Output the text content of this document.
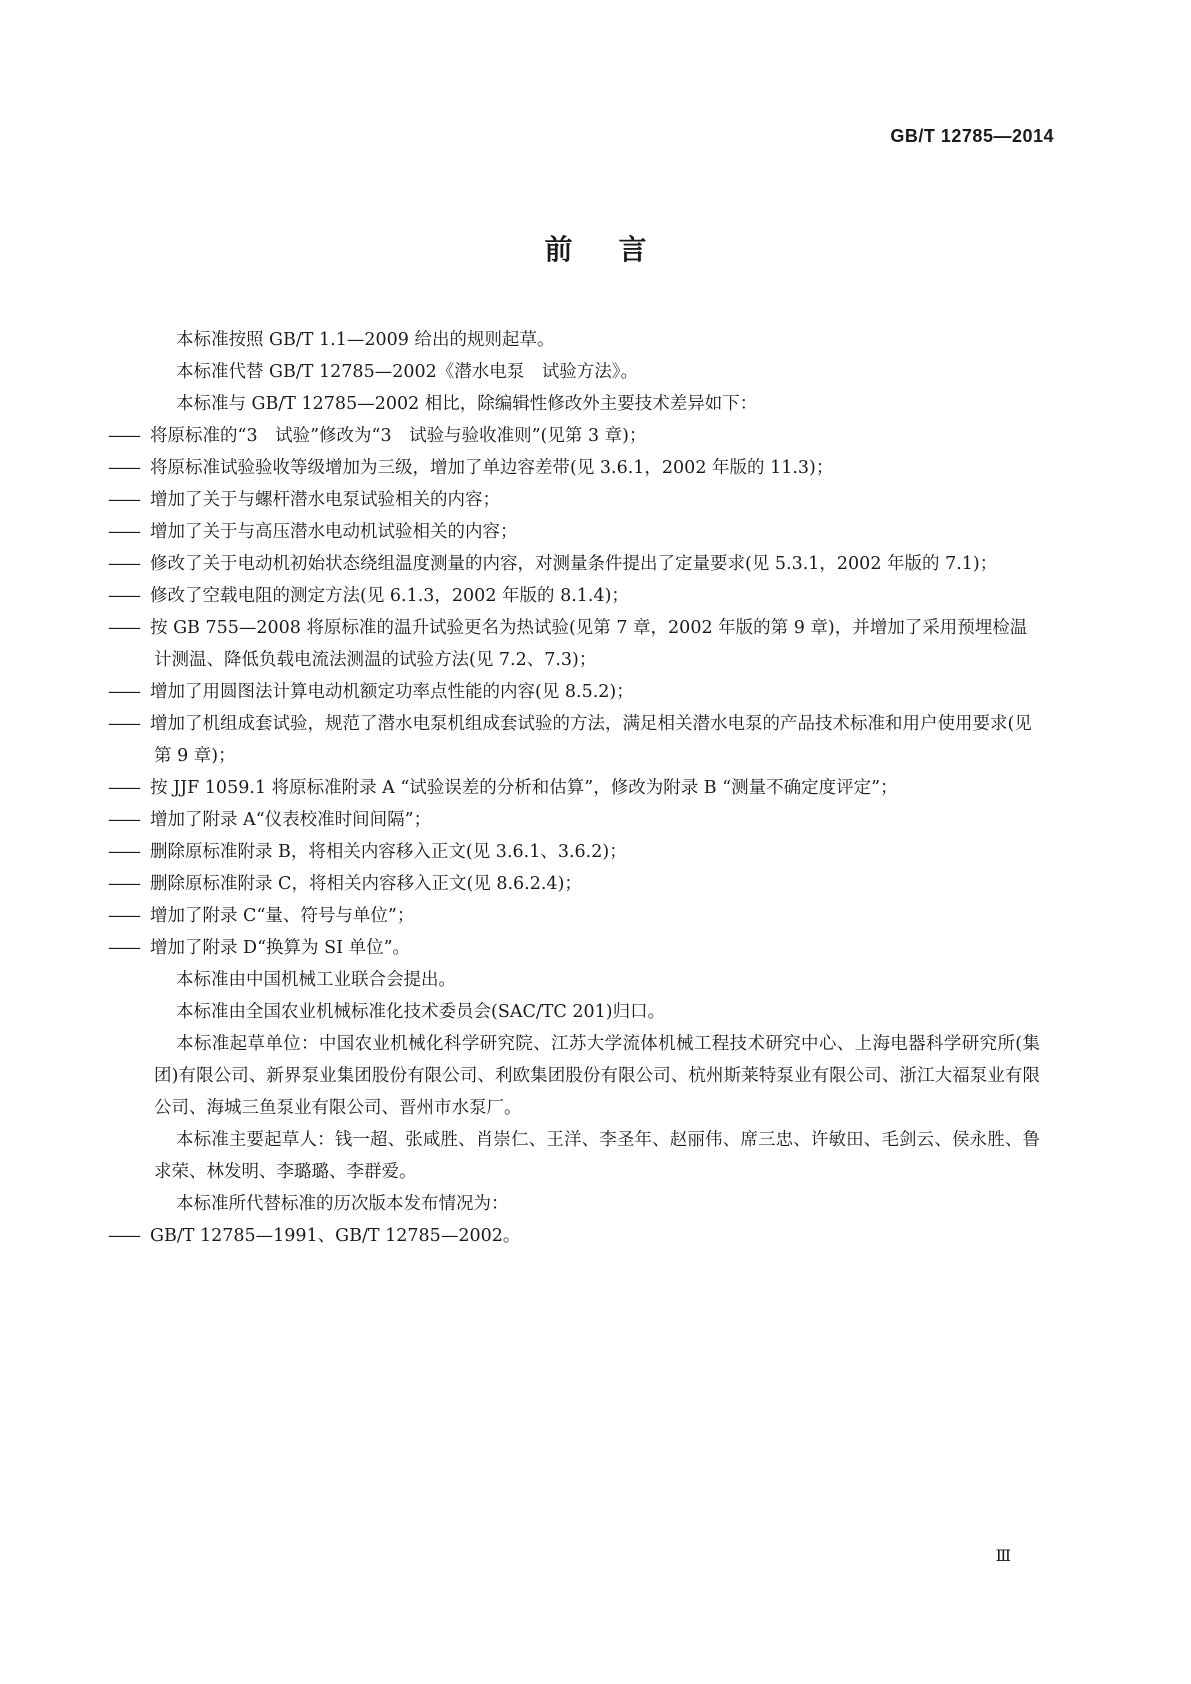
GB/T 12785—2014
前 言

本标准按照 GB/T 1.1—2009 给出的规则起草。

本标准代替 GB/T 12785—2002《潜水电泵　试验方法》。

本标准与 GB/T 12785—2002 相比，除编辑性修改外主要技术差异如下：

—— 将原标准的“3　试验”修改为“3　试验与验收准则”(见第 3 章)；

—— 将原标准试验验收等级增加为三级，增加了单边容差带(见 3.6.1，2002 年版的 11.3)；

—— 增加了关于与螺杆潜水电泵试验相关的内容；

—— 增加了关于与高压潜水电动机试验相关的内容；

—— 修改了关于电动机初始状态绕组温度测量的内容，对测量条件提出了定量要求(见 5.3.1，2002 年版的 7.1)；

—— 修改了空载电阻的测定方法(见 6.1.3，2002 年版的 8.1.4)；

—— 按 GB 755—2008 将原标准的温升试验更名为热试验(见第 7 章，2002 年版的第 9 章)，并增加了采用预埋检温计测温、降低负载电流法测温的试验方法(见 7.2、7.3)；

—— 增加了用圆图法计算电动机额定功率点性能的内容(见 8.5.2)；

—— 增加了机组成套试验，规范了潜水电泵机组成套试验的方法，满足相关潜水电泵的产品技术标准和用户使用要求(见第 9 章)；

—— 按 JJF 1059.1 将原标准附录 A “试验误差的分析和估算”，修改为附录 B “测量不确定度评定”；

—— 增加了附录 A“仪表校准时间间隔”；

—— 删除原标准附录 B，将相关内容移入正文(见 3.6.1、3.6.2)；

—— 删除原标准附录 C，将相关内容移入正文(见 8.6.2.4)；

—— 增加了附录 C“量、符号与单位”；

—— 增加了附录 D“换算为 SI 单位”。

本标准由中国机械工业联合会提出。

本标准由全国农业机械标准化技术委员会(SAC/TC 201)归口。

本标准起草单位：中国农业机械化科学研究院、江苏大学流体机械工程技术研究中心、上海电器科学研究所(集团)有限公司、新界泵业集团股份有限公司、利欧集团股份有限公司、杭州斯莱特泵业有限公司、浙江大福泵业有限公司、海城三鱼泵业有限公司、晋州市水泵厂。

本标准主要起草人：钱一超、张咸胜、肖崇仁、王洋、李圣年、赵丽伟、席三忠、许敏田、毛剑云、侯永胜、鲁求荣、林发明、李璐璐、李群爱。

本标准所代替标准的历次版本发布情况为：

—— GB/T 12785—1991、GB/T 12785—2002。

Ⅲ
